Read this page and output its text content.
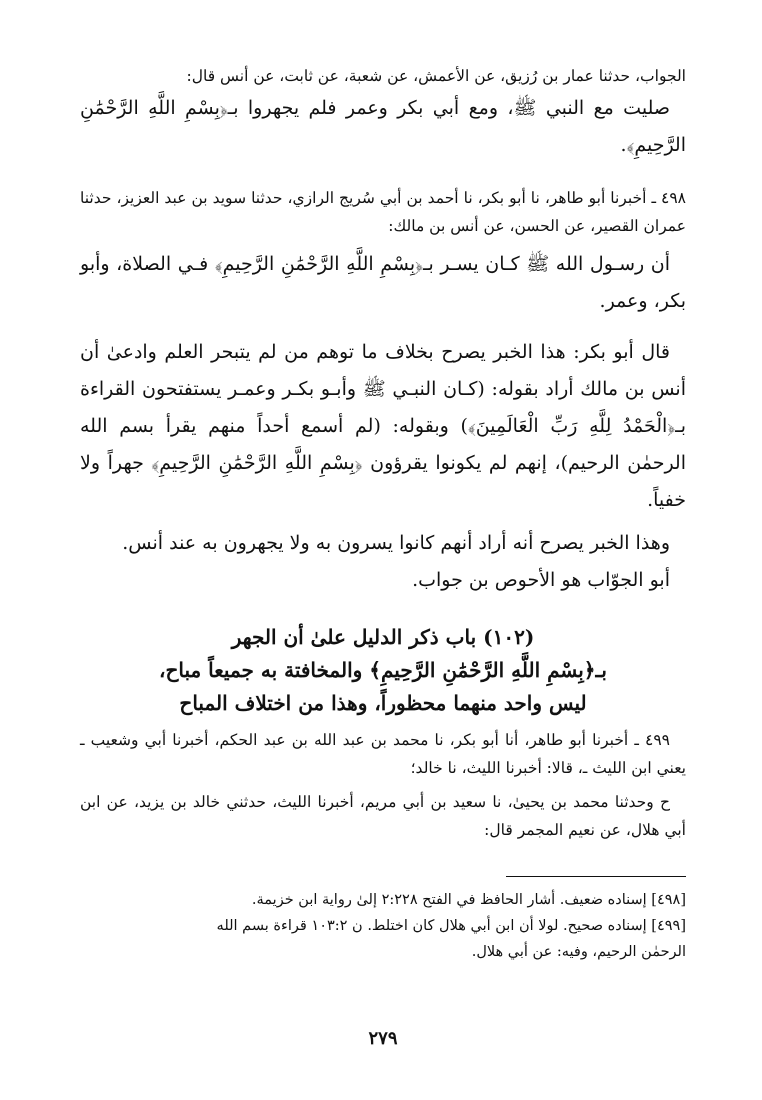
الجواب، حدثنا عمار بن رُزيق، عن الأعمش، عن شعبة، عن ثابت، عن أنس قال:

صليت مع النبي ﷺ، ومع أبي بكر وعمر فلم يجهروا بـ﴿بِسْمِ اللَّهِ الرَّحْمَٰنِ الرَّحِيمِ﴾.

٤٩٨ ـ أخبرنا أبو طاهر، نا أبو بكر، نا أحمد بن أبي سُريج الرازي، حدثنا سويد بن عبد العزيز، حدثنا عمران القصير، عن الحسن، عن أنس بن مالك:

أن رسـول الله ﷺ كـان يسـر بـ﴿بِسْمِ اللَّهِ الرَّحْمَٰنِ الرَّحِيمِ﴾ فـي الصلاة، وأبو بكر، وعمر.

قال أبو بكر: هذا الخبر يصرح بخلاف ما توهم من لم يتبحر العلم وادعىٰ أن أنس بن مالك أراد بقوله: (كـان النبـي ﷺ وأبـو بكـر وعمـر يستفتحون القراءة بـ﴿الْحَمْدُ لِلَّهِ رَبِّ الْعَالَمِينَ﴾) وبقوله: (لم أسمع أحداً منهم يقرأ بسم الله الرحمٰن الرحيم)، إنهم لم يكونوا يقرؤون ﴿بِسْمِ اللَّهِ الرَّحْمَٰنِ الرَّحِيمِ﴾ جهراً ولا خفياً.

وهذا الخبر يصرح أنه أراد أنهم كانوا يسرون به ولا يجهرون به عند أنس.

أبو الجوّاب هو الأحوص بن جواب.

(١٠٢) باب ذكر الدليل علىٰ أن الجهر
بـ﴿بِسْمِ اللَّهِ الرَّحْمَٰنِ الرَّحِيمِ﴾ والمخافتة به جميعاً مباح،
ليس واحد منهما محظوراً، وهذا من اختلاف المباح

٤٩٩ ـ أخبرنا أبو طاهر، أنا أبو بكر، نا محمد بن عبد الله بن عبد الحكم، أخبرنا أبي وشعيب ـ يعني ابن الليث ـ، قالا: أخبرنا الليث، نا خالد؛

ح وحدثنا محمد بن يحيىٰ، نا سعيد بن أبي مريم، أخبرنا الليث، حدثني خالد بن يزيد، عن ابن أبي هلال، عن نعيم المجمر قال:

[٤٩٨] إسناده ضعيف. أشار الحافظ في الفتح ٢:٢٢٨ إلىٰ رواية ابن خزيمة.

[٤٩٩] إسناده صحيح. لولا أن ابن أبي هلال كان اختلط. ن ١٠٣:٢ قراءة بسم الله

الرحمٰن الرحيم، وفيه: عن أبي هلال.

٢٧٩
